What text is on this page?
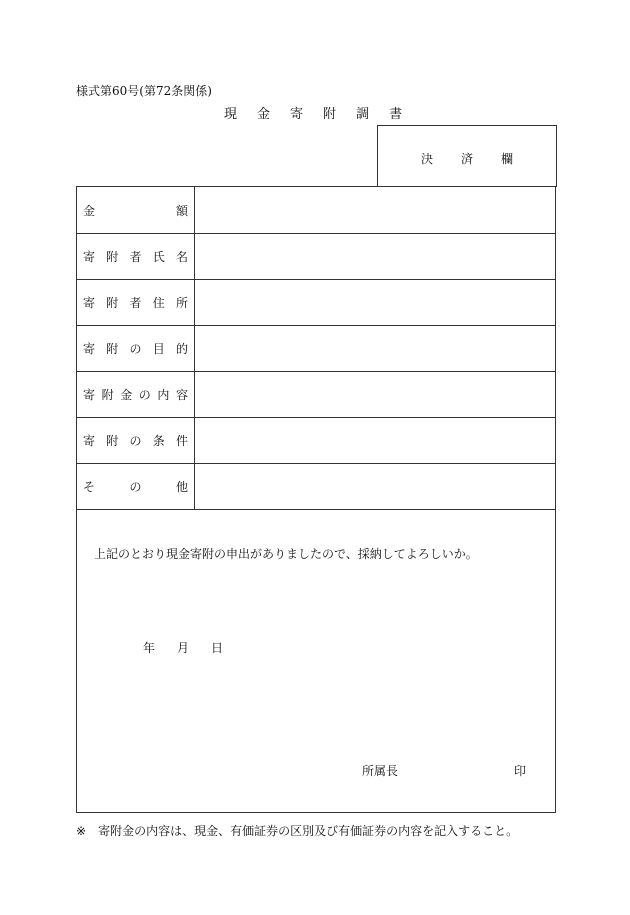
様式第60号(第72条関係)
現 金 寄 附 調 書
決 済 欄
金	額
寄 附 者 氏 名
寄 附 者 住 所
寄 附 の 目 的
寄 附 金 の 内 容
寄 附 の 条 件
そ	の	他
上記のとおり現金寄附の申出がありましたので、採納してよろしいか。
年 月 日
所属長	印
※ 寄附金の内容は、現金、有価証券の区別及び有価証券の内容を記入すること。
